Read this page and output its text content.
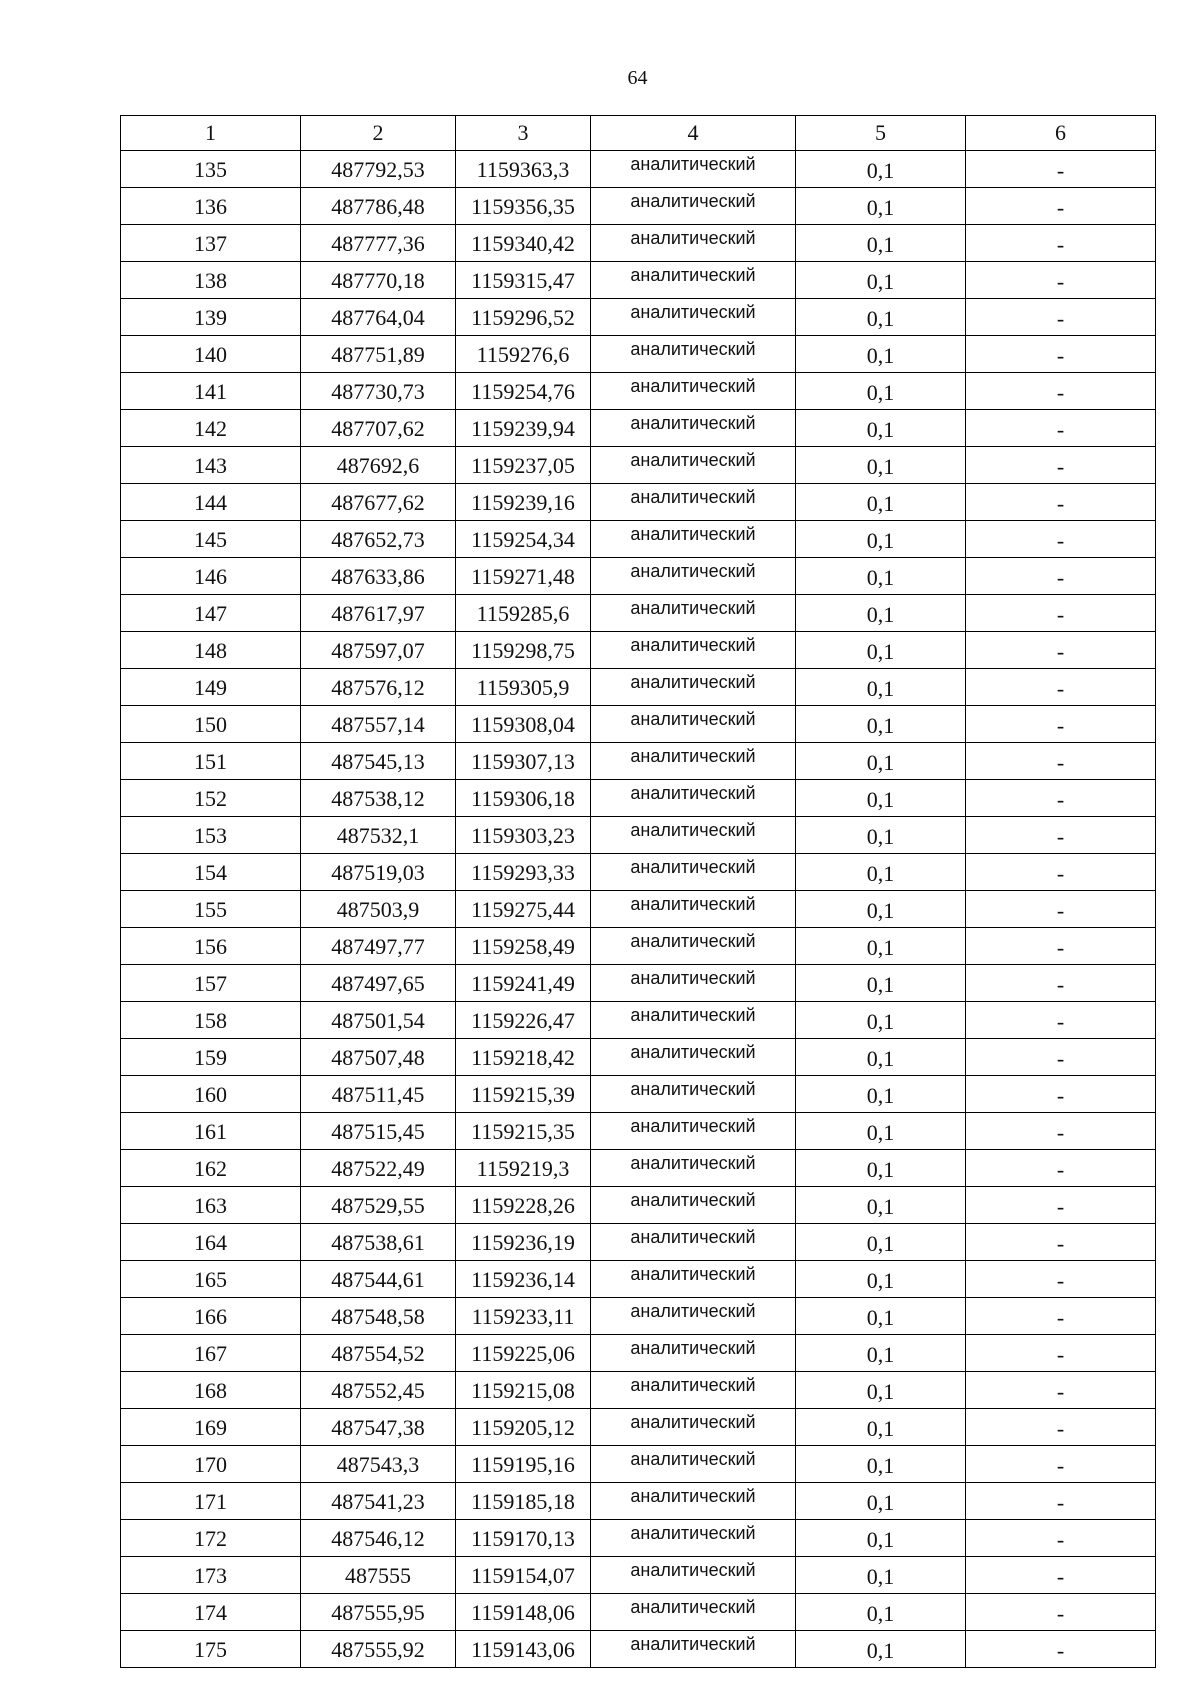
64
1	2	3	4	5	6
135	487792,53	1159363,3	аналитический	0,1	-
136	487786,48	1159356,35	аналитический	0,1	-
137	487777,36	1159340,42	аналитический	0,1	-
138	487770,18	1159315,47	аналитический	0,1	-
139	487764,04	1159296,52	аналитический	0,1	-
140	487751,89	1159276,6	аналитический	0,1	-
141	487730,73	1159254,76	аналитический	0,1	-
142	487707,62	1159239,94	аналитический	0,1	-
143	487692,6	1159237,05	аналитический	0,1	-
144	487677,62	1159239,16	аналитический	0,1	-
145	487652,73	1159254,34	аналитический	0,1	-
146	487633,86	1159271,48	аналитический	0,1	-
147	487617,97	1159285,6	аналитический	0,1	-
148	487597,07	1159298,75	аналитический	0,1	-
149	487576,12	1159305,9	аналитический	0,1	-
150	487557,14	1159308,04	аналитический	0,1	-
151	487545,13	1159307,13	аналитический	0,1	-
152	487538,12	1159306,18	аналитический	0,1	-
153	487532,1	1159303,23	аналитический	0,1	-
154	487519,03	1159293,33	аналитический	0,1	-
155	487503,9	1159275,44	аналитический	0,1	-
156	487497,77	1159258,49	аналитический	0,1	-
157	487497,65	1159241,49	аналитический	0,1	-
158	487501,54	1159226,47	аналитический	0,1	-
159	487507,48	1159218,42	аналитический	0,1	-
160	487511,45	1159215,39	аналитический	0,1	-
161	487515,45	1159215,35	аналитический	0,1	-
162	487522,49	1159219,3	аналитический	0,1	-
163	487529,55	1159228,26	аналитический	0,1	-
164	487538,61	1159236,19	аналитический	0,1	-
165	487544,61	1159236,14	аналитический	0,1	-
166	487548,58	1159233,11	аналитический	0,1	-
167	487554,52	1159225,06	аналитический	0,1	-
168	487552,45	1159215,08	аналитический	0,1	-
169	487547,38	1159205,12	аналитический	0,1	-
170	487543,3	1159195,16	аналитический	0,1	-
171	487541,23	1159185,18	аналитический	0,1	-
172	487546,12	1159170,13	аналитический	0,1	-
173	487555	1159154,07	аналитический	0,1	-
174	487555,95	1159148,06	аналитический	0,1	-
175	487555,92	1159143,06	аналитический	0,1	-
